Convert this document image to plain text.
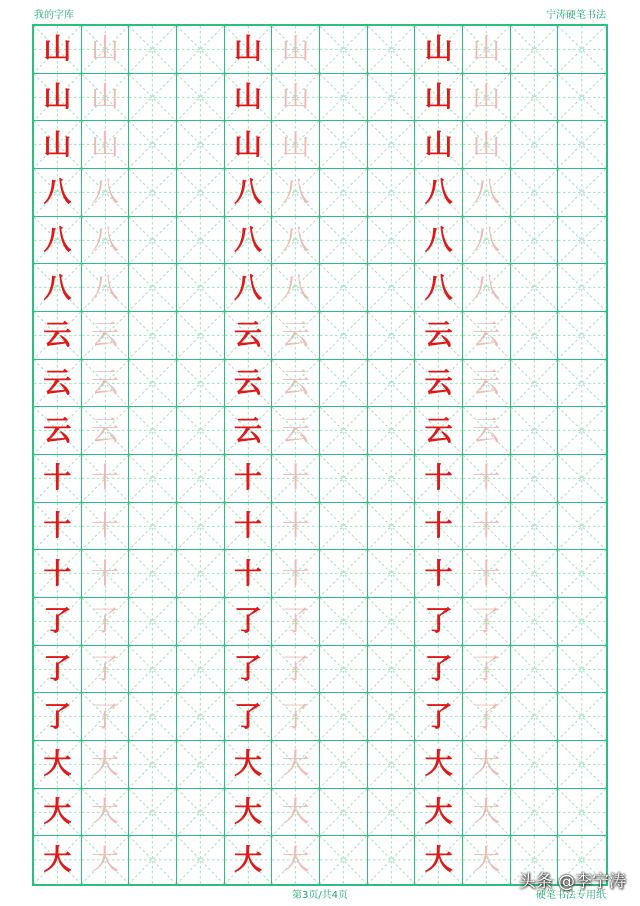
我的字库	宁涛硬笔书法
山 山	山 山	山 山
山 山	山 山	山 山
山 山	山 山	山 山
八 八	八 八	八 八
八 八	八 八	八 八
八 八	八 八	八 八
云 云	云 云	云 云
云 云	云 云	云 云
云 云	云 云	云 云
十 十	十 十	十 十
十 十	十 十	十 十
十 十	十 十	十 十
了 了	了 了	了 了
了 了	了 了	了 了
了 了	了 了	了 了
大 大	大 大	大 大
大 大	大 大	大 大
大 大	大 大	大 大
第3页/共4页	硬笔书法专用纸
头条 @李宁涛
